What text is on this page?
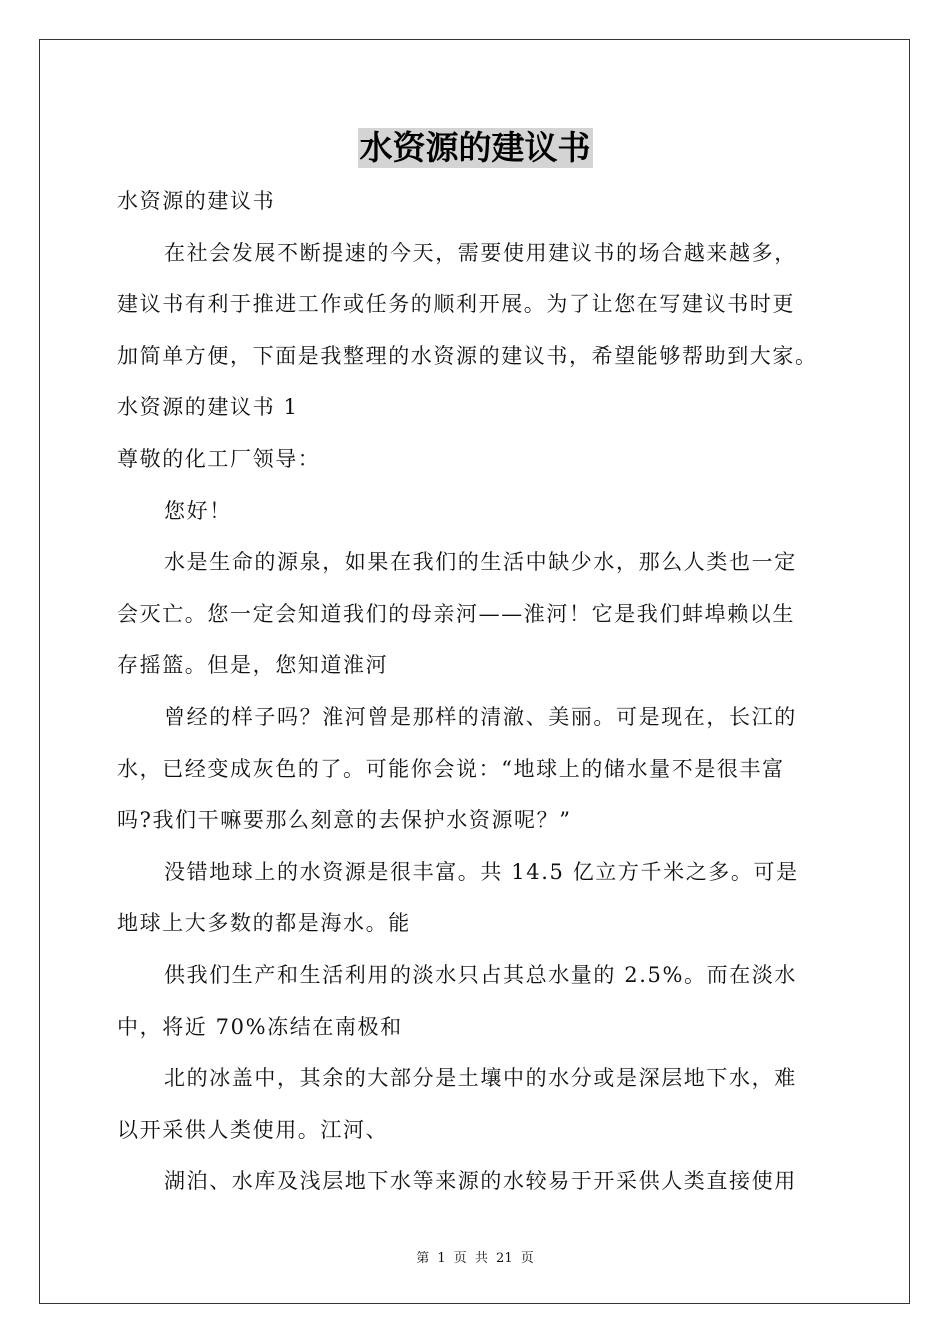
水资源的建议书
水资源的建议书
在社会发展不断提速的今天，需要使用建议书的场合越来越多，
建议书有利于推进工作或任务的顺利开展。为了让您在写建议书时更
加简单方便，下面是我整理的水资源的建议书，希望能够帮助到大家。
水资源的建议书 1
尊敬的化工厂领导：
您好！
水是生命的源泉，如果在我们的生活中缺少水，那么人类也一定
会灭亡。您一定会知道我们的母亲河——淮河！它是我们蚌埠赖以生
存摇篮。但是，您知道淮河
曾经的样子吗？淮河曾是那样的清澈、美丽。可是现在，长江的
水，已经变成灰色的了。可能你会说：“地球上的储水量不是很丰富
吗?我们干嘛要那么刻意的去保护水资源呢？”
没错地球上的水资源是很丰富。共 14.5 亿立方千米之多。可是
地球上大多数的都是海水。能
供我们生产和生活利用的淡水只占其总水量的 2.5%。而在淡水
中，将近 70%冻结在南极和
北的冰盖中，其余的大部分是土壤中的水分或是深层地下水，难
以开采供人类使用。江河、
湖泊、水库及浅层地下水等来源的水较易于开采供人类直接使用
第 1 页 共 21 页
